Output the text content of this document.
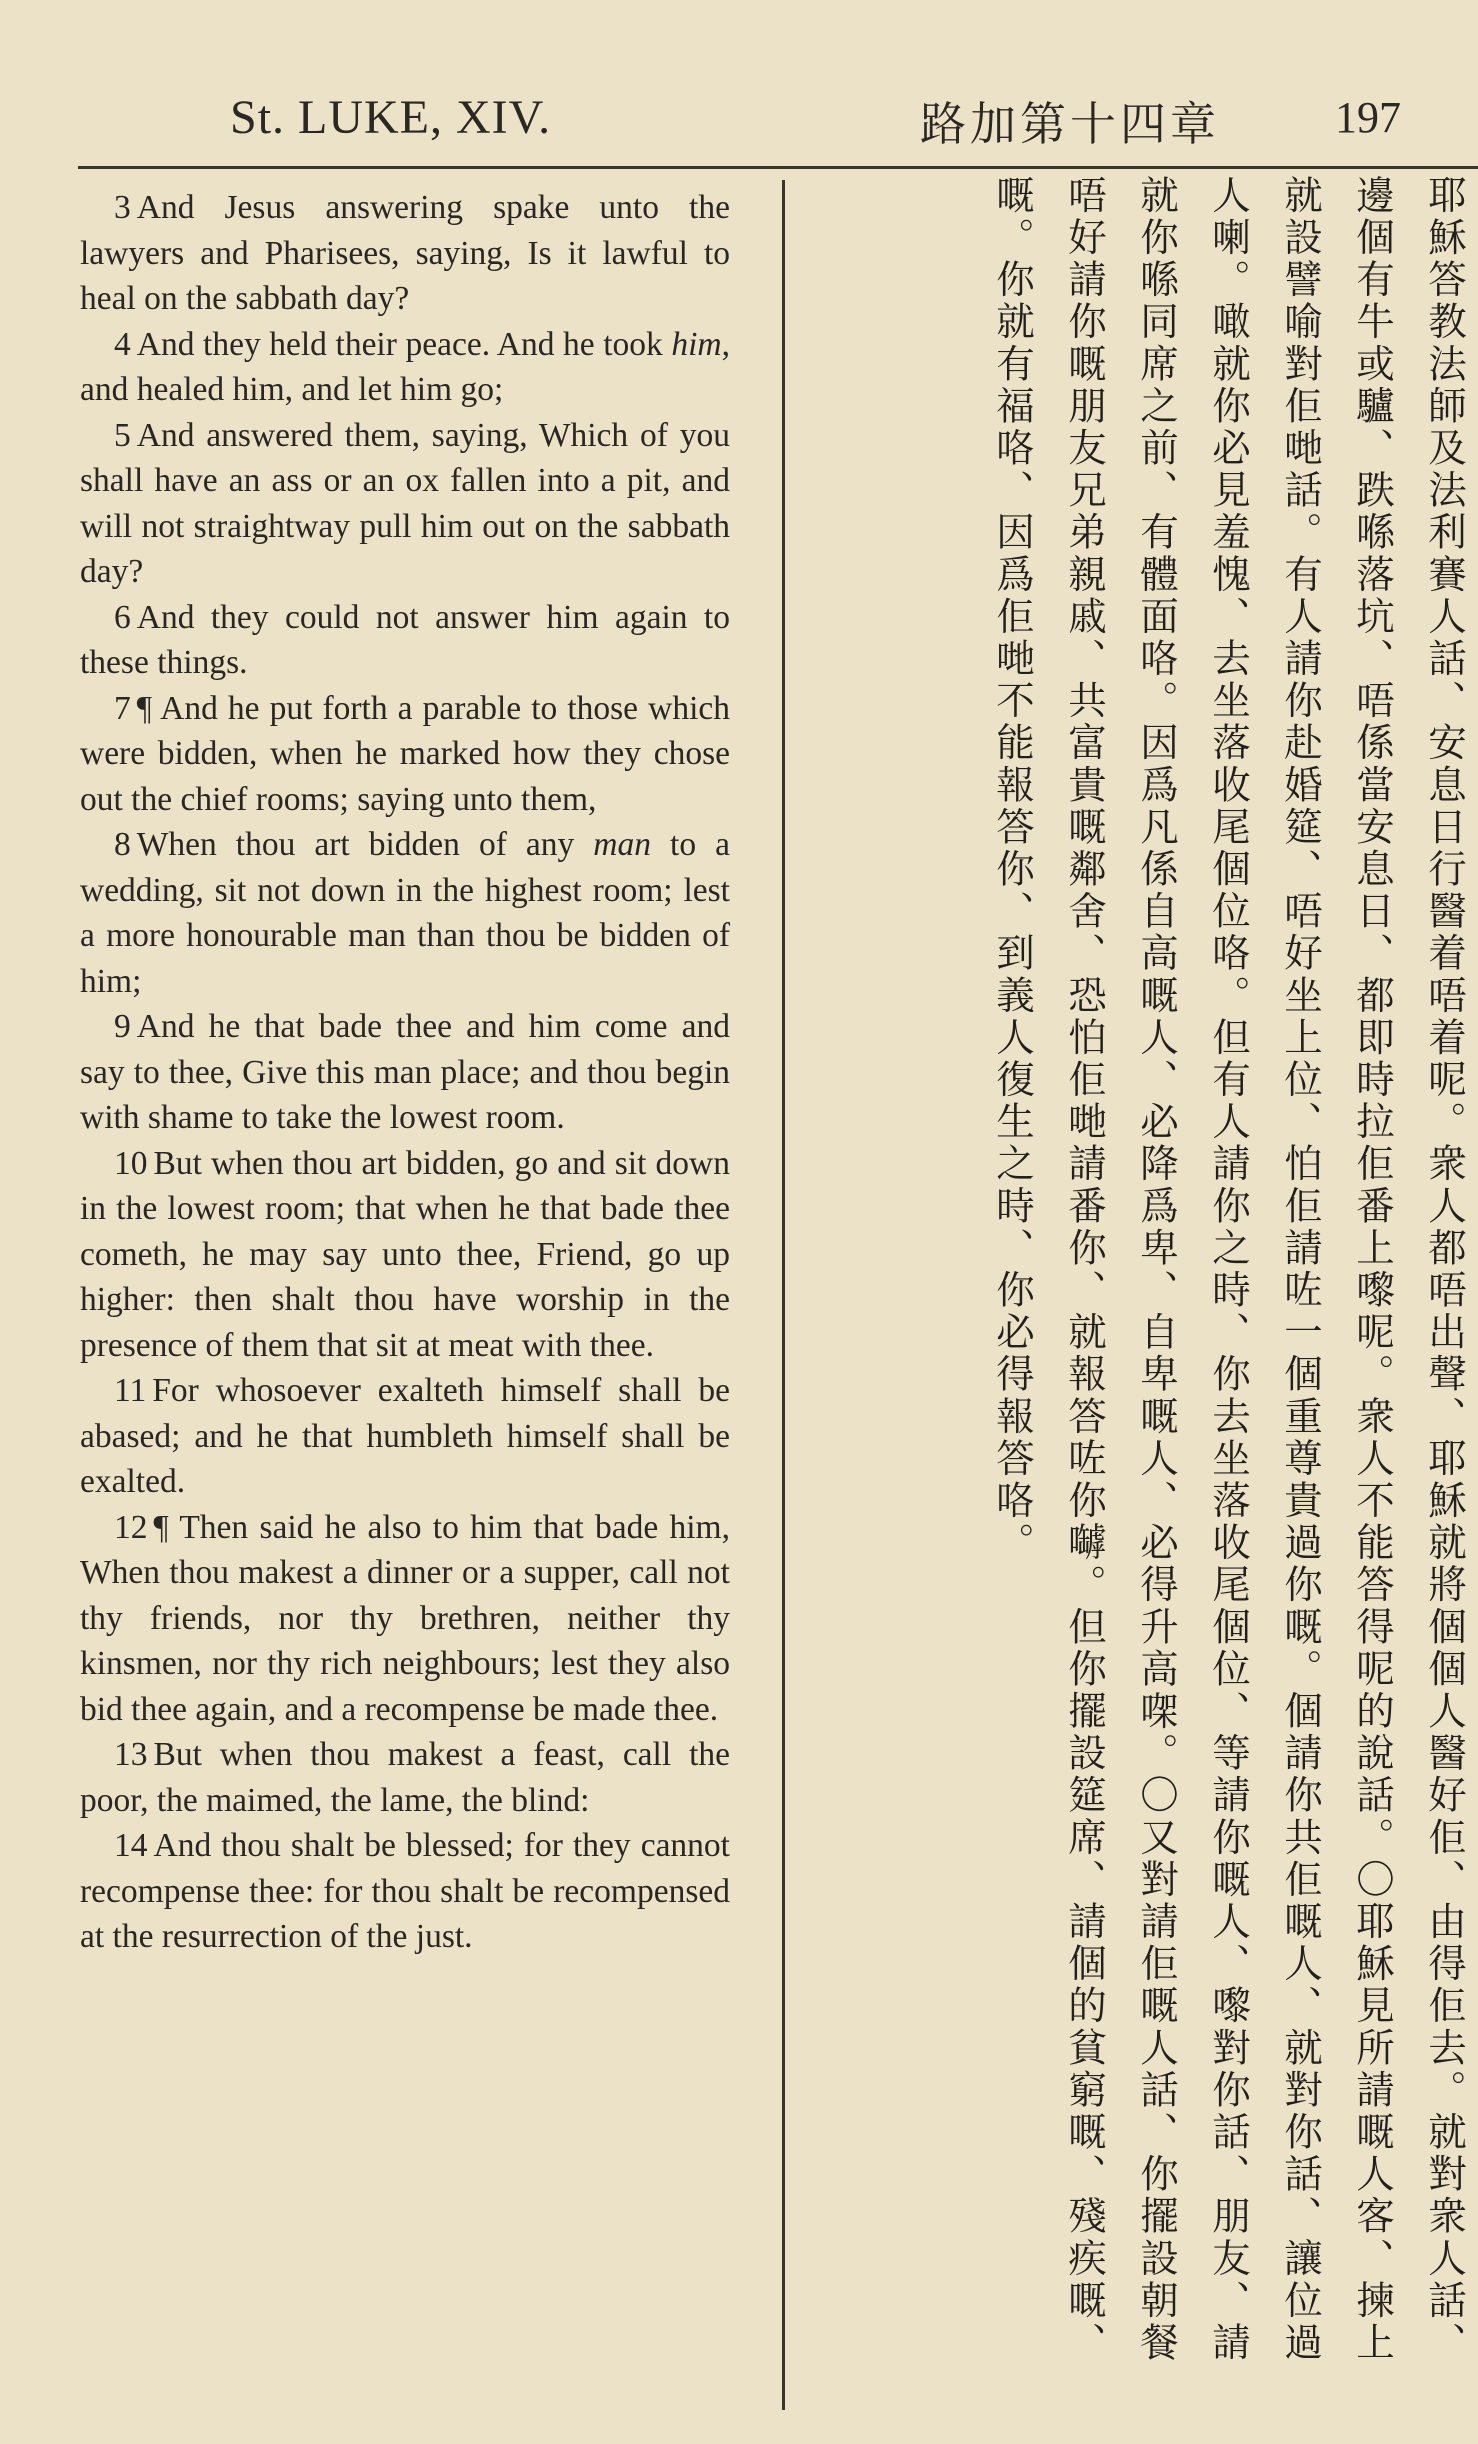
St. LUKE, XIV.	路加第十四章	197

3 And Jesus answering spake unto the lawyers and Pharisees, saying, Is it lawful to heal on the sabbath day?

4 And they held their peace. And he took him, and healed him, and let him go;

5 And answered them, saying, Which of you shall have an ass or an ox fallen into a pit, and will not straightway pull him out on the sabbath day?

6 And they could not answer him again to these things.

7 ¶ And he put forth a parable to those which were bidden, when he marked how they chose out the chief rooms; saying unto them,

8 When thou art bidden of any man to a wedding, sit not down in the highest room; lest a more honourable man than thou be bidden of him;

9 And he that bade thee and him come and say to thee, Give this man place; and thou begin with shame to take the lowest room.

10 But when thou art bidden, go and sit down in the lowest room; that when he that bade thee cometh, he may say unto thee, Friend, go up higher: then shalt thou have worship in the presence of them that sit at meat with thee.

11 For whosoever exalteth himself shall be abased; and he that humbleth himself shall be exalted.

12 ¶ Then said he also to him that bade him, When thou makest a dinner or a supper, call not thy friends, nor thy brethren, neither thy kinsmen, nor thy rich neighbours; lest they also bid thee again, and a recompense be made thee.

13 But when thou makest a feast, call the poor, the maimed, the lame, the blind:

14 And thou shalt be blessed; for they cannot recompense thee: for thou shalt be recompensed at the resurrection of the just.

耶穌答教法師及法利賽人話、安息日行醫着唔着呢。衆人都唔出聲、耶穌就將個個人醫好佢、由得佢去。就對衆人話、
邊個有牛或驢、跌喺落坑、唔係當安息日、都即時拉佢番上嚟呢。衆人不能答得呢的說話。〇耶穌見所請嘅人客、揀上
就設譬喻對佢哋話。有人請你赴婚筵、唔好坐上位、怕佢請咗一個重尊貴過你嘅。個請你共佢嘅人、就對你話、讓位過
人喇。噉就你必見羞愧、去坐落收尾個位咯。但有人請你之時、你去坐落收尾個位、等請你嘅人、嚟對你話、朋友、請
就你喺同席之前、有體面咯。因爲凡係自高嘅人、必降爲卑、自卑嘅人、必得升高㗎。〇又對請佢嘅人話、你擺設朝餐
唔好請你嘅朋友兄弟親戚、共富貴嘅鄰舍、恐怕佢哋請番你、就報答咗你嚹。但你擺設筵席、請個的貧窮嘅、殘疾嘅、
嘅。你就有福咯、因爲佢哋不能報答你、到義人復生之時、你必得報答咯。
